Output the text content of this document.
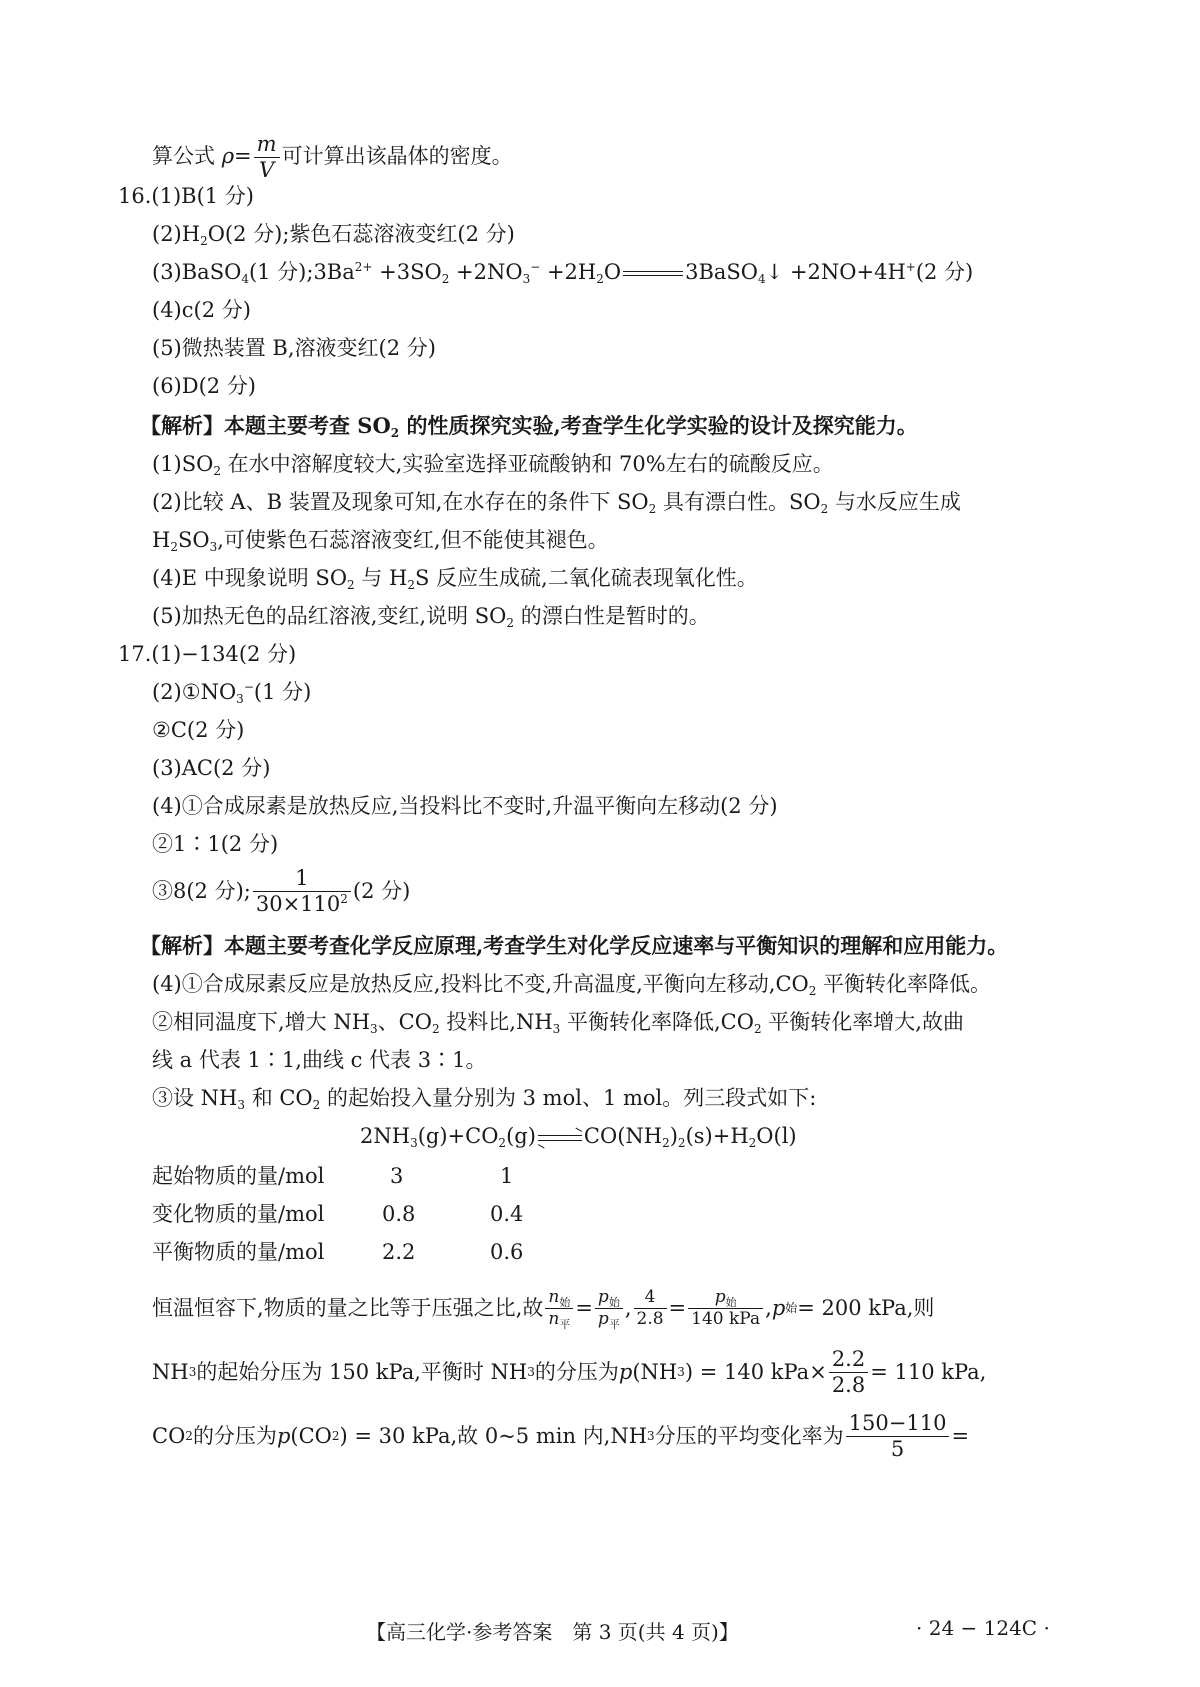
算公式 $\rho= \frac{m}{V}$ 可计算出该晶体的密度。
16.(1)B(1 分)
$(2)H_2O(2$ 分);紫色石蕊溶液变红(2 分)
(3)BaSO$_4$(1 分)$;3Ba^{2+} +3SO_2 +2NO_3^- +2H_2O$	3BaSO$_4$↓ +2NO+4H+(2 分)
(4)c(2 分)
(5)微热装置 B,溶液变红(2 分)
(6)D(2 分)
【解析】本题主要考查 $SO_2$ 的性质探究实验,考查学生化学实验的设计及探究能力。
$(1)SO_2$ 在水中溶解度较大,实验室选择亚硫酸钠和 70%左右的硫酸反应。
(2)比较 A、B 装置及现象可知,在水存在的条件下 $SO_2$ 具有漂白性。$SO_2$ 与水反应生成
$H_2SO_3$,可使紫色石蕊溶液变红,但不能使其褪色。
(4)E 中现象说明 $SO_2$ 与 $H_2S$ 反应生成硫,二氧化硫表现氧化性。
(5)加热无色的品红溶液,变红,说明 $SO_2$ 的漂白性是暂时的。
17.(1)−134(2 分)
$(2)①NO_3^-(1$ 分)
②C(2 分)
(3)AC(2 分)
(4)①合成尿素是放热反应,当投料比不变时,升温平衡向左移动(2 分)
②1∶1(2 分)
③8(2 分); $\frac{1}{30\times 110^2} (2$ 分)
【解析】本题主要考查化学反应原理,考查学生对化学反应速率与平衡知识的理解和应用能力。
(4)①合成尿素反应是放热反应,投料比不变,升高温度,平衡向左移动$,CO_2$ 平衡转化率降低。
②相同温度下,增大 $NH_3$、$CO_2$ 投料比$,NH_3$ 平衡转化率降低$,CO_2$ 平衡转化率增大,故曲
线 a 代表 1∶1,曲线 c 代表 3∶1。
③设 $NH_3$ 和 $CO_2$ 的起始投入量分别为 3 mol、1 mol。列三段式如下:
$2NH_3(g)+CO_2(g)$ $CO(NH_2)_2(s)+H_2O(l)$
起始物质的量/mol	3	1
变化物质的量/mol	0.8	0.4
平衡物质的量/mol	2.2	0.6
恒温恒容下,物质的量之比等于压强之比,故 $\frac{n_始}{n_平} = \frac{p_始}{p_平}$ , $\frac{4}{2.8} = \frac{p_始}{\text{140 kPa}}$ , p 始 = 200 kPa,则
NH 3 的起始分压为 150 kPa,平衡时 NH 3 的分压为 p (NH 3 ) = 140 $kPa\times \frac{2.2}{2.8} = 110$ kPa,
CO 2 的分压为 p (CO 2 ) = 30 kPa,故 0~5 min 内,NH 3 分压的平均变化率为 $\frac{150-110}{5}$ =
【高三化学·参考答案　第 3 页(共 4 页)】	· 24 − 124C ·
